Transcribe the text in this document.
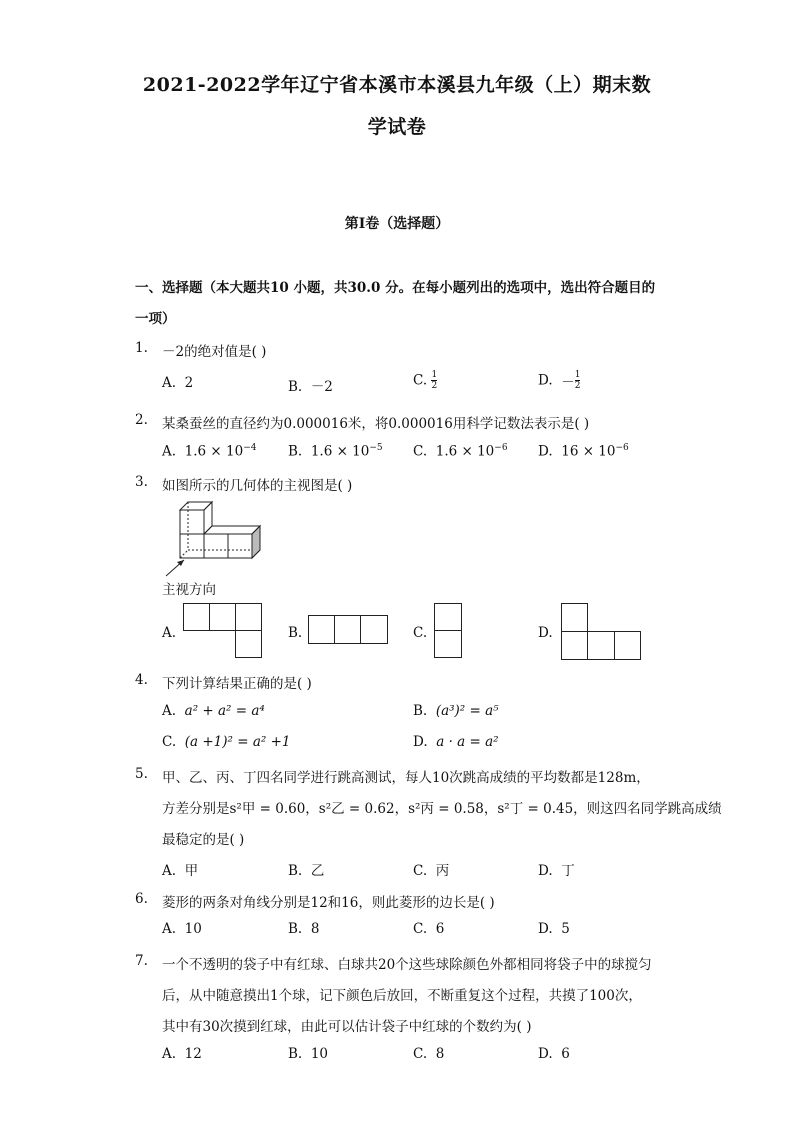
2021-2022学年辽宁省本溪市本溪县九年级（上）期末数
学试卷
第Ⅰ卷（选择题）
一、选择题（本大题共10 小题，共30.0 分。在每小题列出的选项中，选出符合题目的
一项）
1. －2的绝对值是( )
A. 2	B. －2	C. $\frac{1}{2}$	D. － $\frac{1}{2}$
2. 某桑蚕丝的直径约为0.000016米，将0.000016用科学记数法表示是( )
A. $1.6 \times 10^{-4}$ B. $1.6 \times 10^{-5}$ C. $1.6 \times 10^{-6}$ D. $16 \times 10^{-6}$
3. 如图所示的几何体的主视图是( )
主视方向
A.	B.	C.	D.
4. 下列计算结果正确的是( )
A. a² + a² = a⁴	B. (a³)² = a⁵
C. (a +1)² = a² +1	D. a · a = a²
5. 甲、乙、丙、丁四名同学进行跳高测试，每人10次跳高成绩的平均数都是128m，
方差分别是s²甲 = 0.60，s²乙 = 0.62，s²丙 = 0.58，s²丁 = 0.45，则这四名同学跳高成绩
最稳定的是( )
A. 甲	B. 乙	C. 丙	D. 丁
6. 菱形的两条对角线分别是12和16，则此菱形的边长是( )
A. 10	B. 8	C. 6	D. 5
7. 一个不透明的袋子中有红球、白球共20个这些球除颜色外都相同将袋子中的球搅匀
后，从中随意摸出1个球，记下颜色后放回，不断重复这个过程，共摸了100次，
其中有30次摸到红球，由此可以估计袋子中红球的个数约为( )
A. 12	B. 10	C. 8	D. 6
